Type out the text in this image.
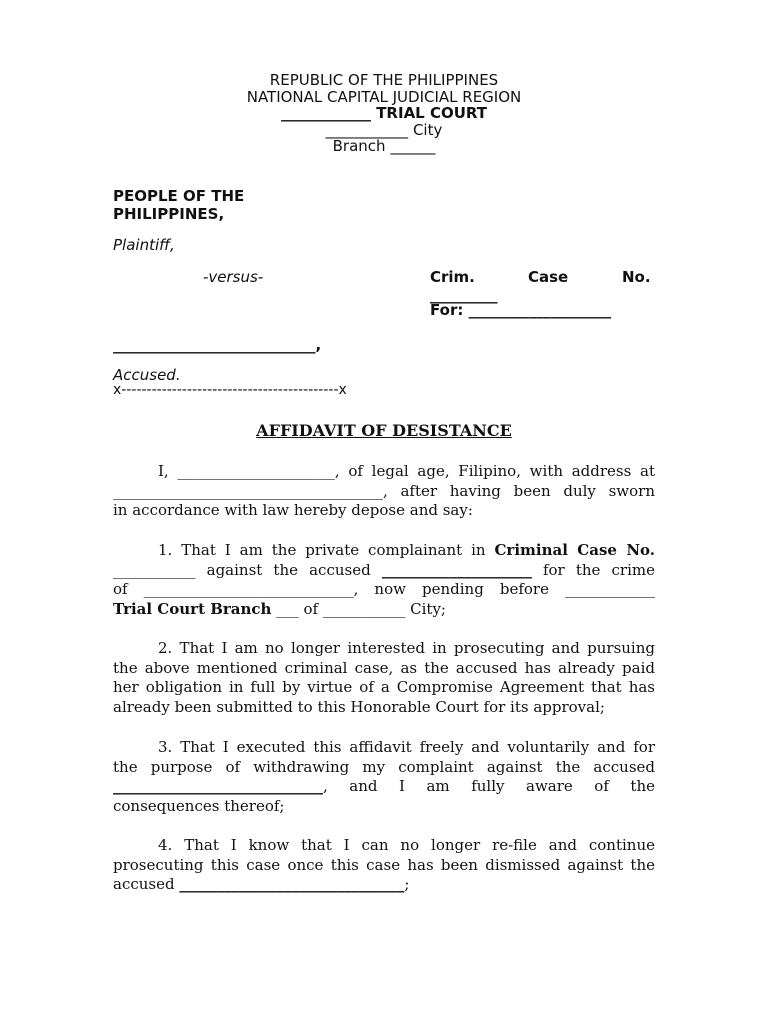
REPUBLIC OF THE PHILIPPINES
NATIONAL CAPITAL JUDICIAL REGION
____________ TRIAL COURT
___________ City
Branch ______
PEOPLE OF THE
PHILIPPINES,
Plaintiff,
-versus-	Crim.	Case	No.
_________
For: ___________________
___________________________,
Accused.
x-------------------------------------------x
AFFIDAVIT OF DESISTANCE
I, _____________________, of legal age, Filipino, with address at
____________________________________, after having been duly sworn
in accordance with law hereby depose and say:
1. That I am the private complainant in Criminal Case No.
___________ against the accused ____________________ for the crime
of ____________________________, now pending before ____________
Trial Court Branch ___ of ___________ City;
2. That I am no longer interested in prosecuting and pursuing
the above mentioned criminal case, as the accused has already paid
her obligation in full by virtue of a Compromise Agreement that has
already been submitted to this Honorable Court for its approval;
3. That I executed this affidavit freely and voluntarily and for
the purpose of withdrawing my complaint against the accused
____________________________,   and   I   am   fully   aware   of   the
consequences thereof;
4. That I know that I can no longer re-file and continue
prosecuting this case once this case has been dismissed against the
accused ______________________________;
